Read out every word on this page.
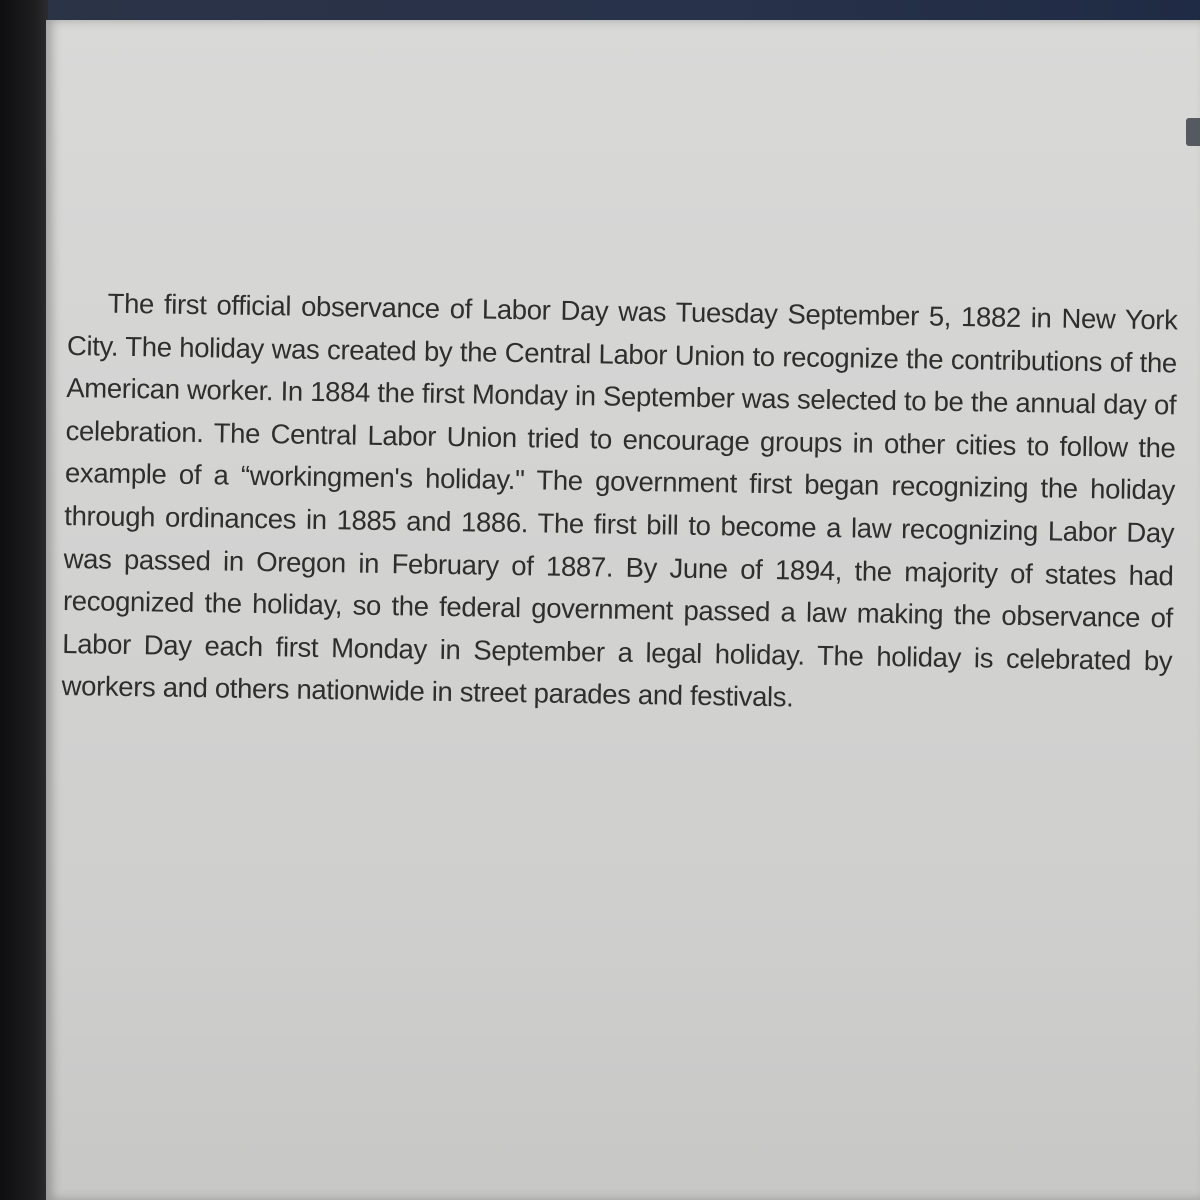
The first official observance of Labor Day was Tuesday September 5, 1882 in New York City. The holiday was created by the Central Labor Union to recognize the contributions of the American worker. In 1884 the first Monday in September was selected to be the annual day of celebration. The Central Labor Union tried to encourage groups in other cities to follow the example of a “workingmen's holiday." The government first began recognizing the holiday through ordinances in 1885 and 1886. The first bill to become a law recognizing Labor Day was passed in Oregon in February of 1887. By June of 1894, the majority of states had recognized the holiday, so the federal government passed a law making the observance of Labor Day each first Monday in September a legal holiday. The holiday is celebrated by workers and others nationwide in street parades and festivals.
